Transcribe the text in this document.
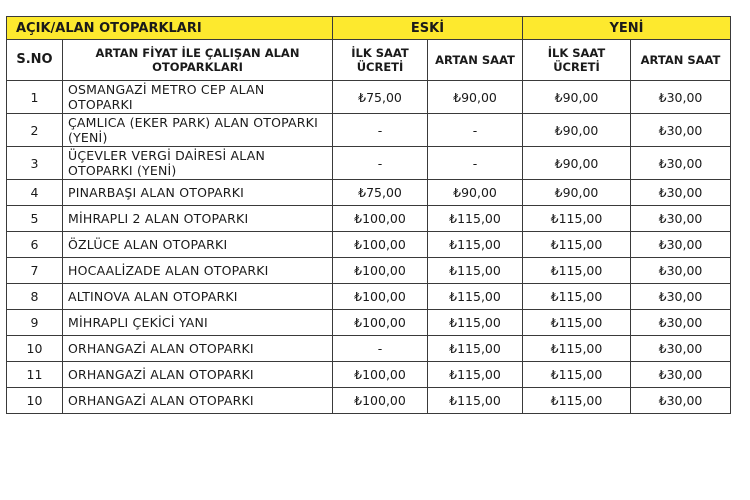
AÇIK/ALAN OTOPARKLARI		ESKİ		YENİ	
S.NO	ARTAN FİYAT İLE ÇALIŞAN ALAN OTOPARKLARI	İLK SAAT ÜCRETİ	ARTAN SAAT	İLK SAAT ÜCRETİ	ARTAN SAAT
1	OSMANGAZİ METRO CEP ALAN OTOPARKI	₺75,00	₺90,00	₺90,00	₺30,00
2	ÇAMLICA (EKER PARK) ALAN OTOPARKI (YENİ)	-	-	₺90,00	₺30,00
3	ÜÇEVLER VERGİ DAİRESİ ALAN OTOPARKI (YENİ)	-	-	₺90,00	₺30,00
4	PINARBAŞI ALAN OTOPARKI	₺75,00	₺90,00	₺90,00	₺30,00
5	MİHRAPLI 2 ALAN OTOPARKI	₺100,00	₺115,00	₺115,00	₺30,00
6	ÖZLÜCE ALAN OTOPARKI	₺100,00	₺115,00	₺115,00	₺30,00
7	HOCAALİZADE ALAN OTOPARKI	₺100,00	₺115,00	₺115,00	₺30,00
8	ALTINOVA ALAN OTOPARKI	₺100,00	₺115,00	₺115,00	₺30,00
9	MİHRAPLI ÇEKİCİ YANI	₺100,00	₺115,00	₺115,00	₺30,00
10	ORHANGAZİ ALAN OTOPARKI	-	₺115,00	₺115,00	₺30,00
11	ORHANGAZİ ALAN OTOPARKI	₺100,00	₺115,00	₺115,00	₺30,00
10	ORHANGAZİ ALAN OTOPARKI	₺100,00	₺115,00	₺115,00	₺30,00
